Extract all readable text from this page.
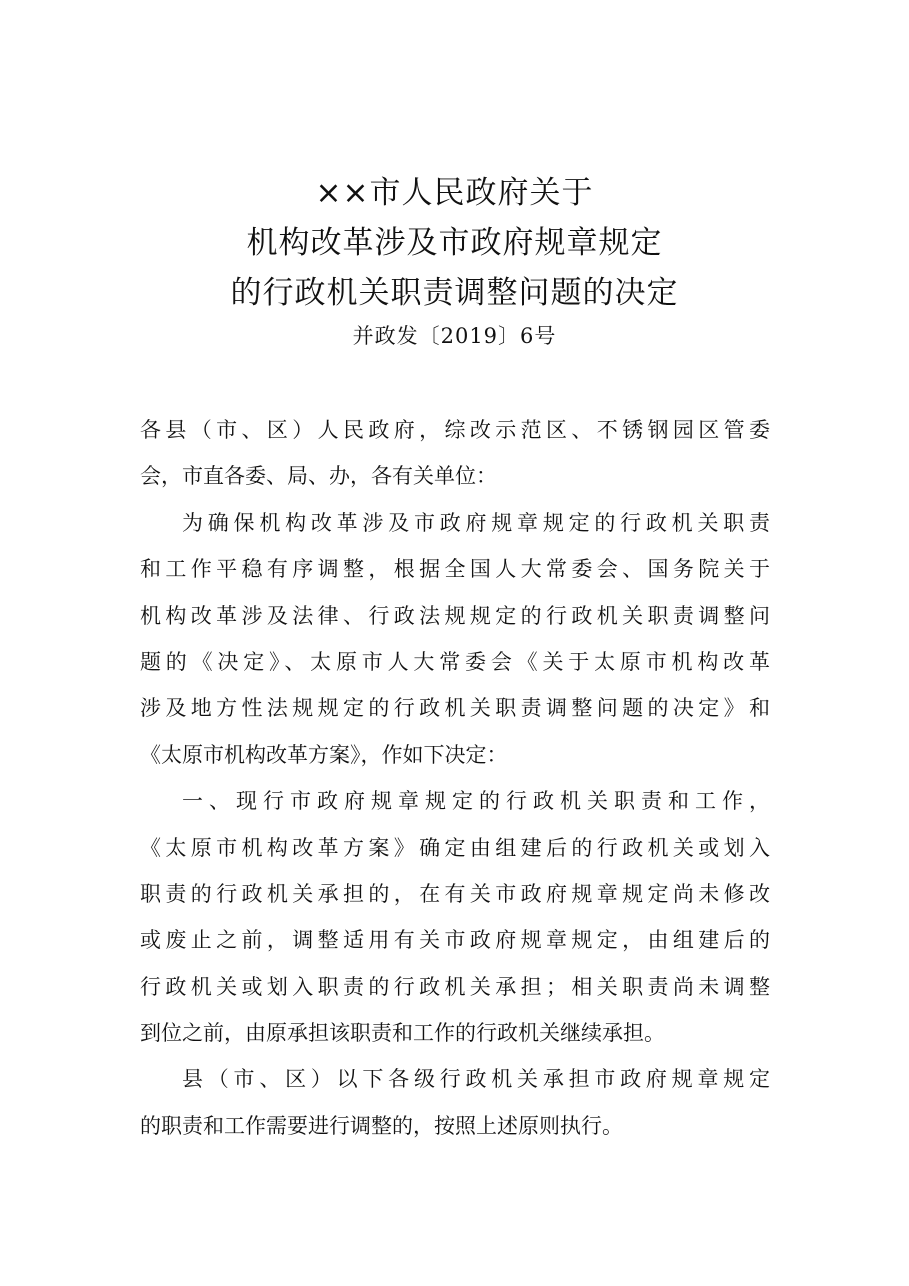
××市人民政府关于
机构改革涉及市政府规章规定
的行政机关职责调整问题的决定
并政发〔2019〕6号
各县（市、区）人民政府，综改示范区、不锈钢园区管委
会，市直各委、局、办，各有关单位：
为确保机构改革涉及市政府规章规定的行政机关职责
和工作平稳有序调整，根据全国人大常委会、国务院关于
机构改革涉及法律、行政法规规定的行政机关职责调整问
题的《决定》、太原市人大常委会《关于太原市机构改革
涉及地方性法规规定的行政机关职责调整问题的决定》和
《太原市机构改革方案》，作如下决定：
一、现行市政府规章规定的行政机关职责和工作，
《太原市机构改革方案》确定由组建后的行政机关或划入
职责的行政机关承担的，在有关市政府规章规定尚未修改
或废止之前，调整适用有关市政府规章规定，由组建后的
行政机关或划入职责的行政机关承担；相关职责尚未调整
到位之前，由原承担该职责和工作的行政机关继续承担。
县（市、区）以下各级行政机关承担市政府规章规定
的职责和工作需要进行调整的，按照上述原则执行。
